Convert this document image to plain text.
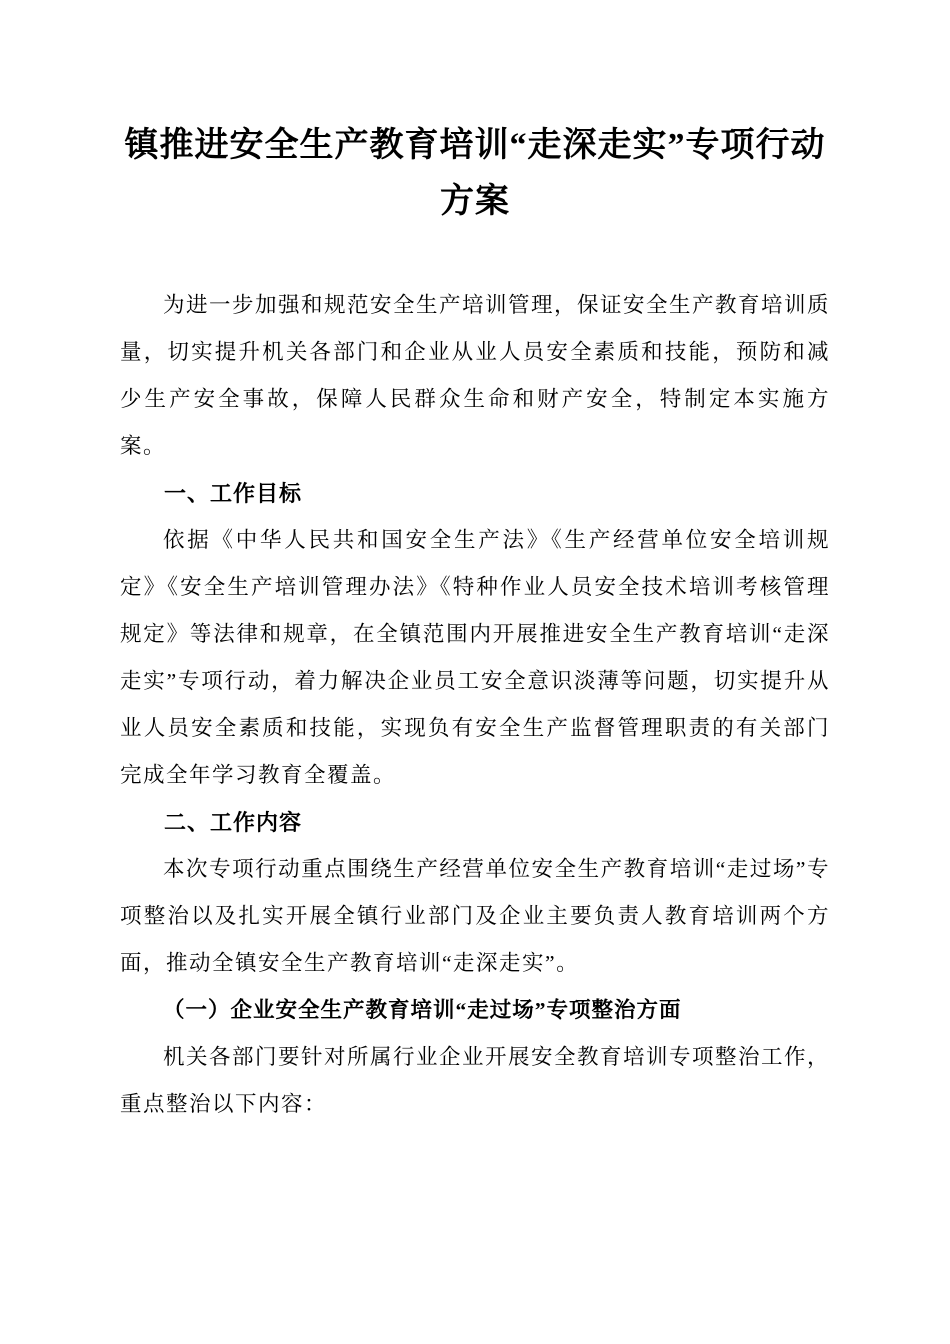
镇推进安全生产教育培训“走深走实”专项行动方案

为进一步加强和规范安全生产培训管理，保证安全生产教育培训质量，切实提升机关各部门和企业从业人员安全素质和技能，预防和减少生产安全事故，保障人民群众生命和财产安全，特制定本实施方案。

一、工作目标

依据《中华人民共和国安全生产法》《生产经营单位安全培训规定》《安全生产培训管理办法》《特种作业人员安全技术培训考核管理规定》等法律和规章，在全镇范围内开展推进安全生产教育培训“走深走实”专项行动，着力解决企业员工安全意识淡薄等问题，切实提升从业人员安全素质和技能，实现负有安全生产监督管理职责的有关部门完成全年学习教育全覆盖。

二、工作内容

本次专项行动重点围绕生产经营单位安全生产教育培训“走过场”专项整治以及扎实开展全镇行业部门及企业主要负责人教育培训两个方面，推动全镇安全生产教育培训“走深走实”。

（一）企业安全生产教育培训“走过场”专项整治方面

机关各部门要针对所属行业企业开展安全教育培训专项整治工作，重点整治以下内容：
